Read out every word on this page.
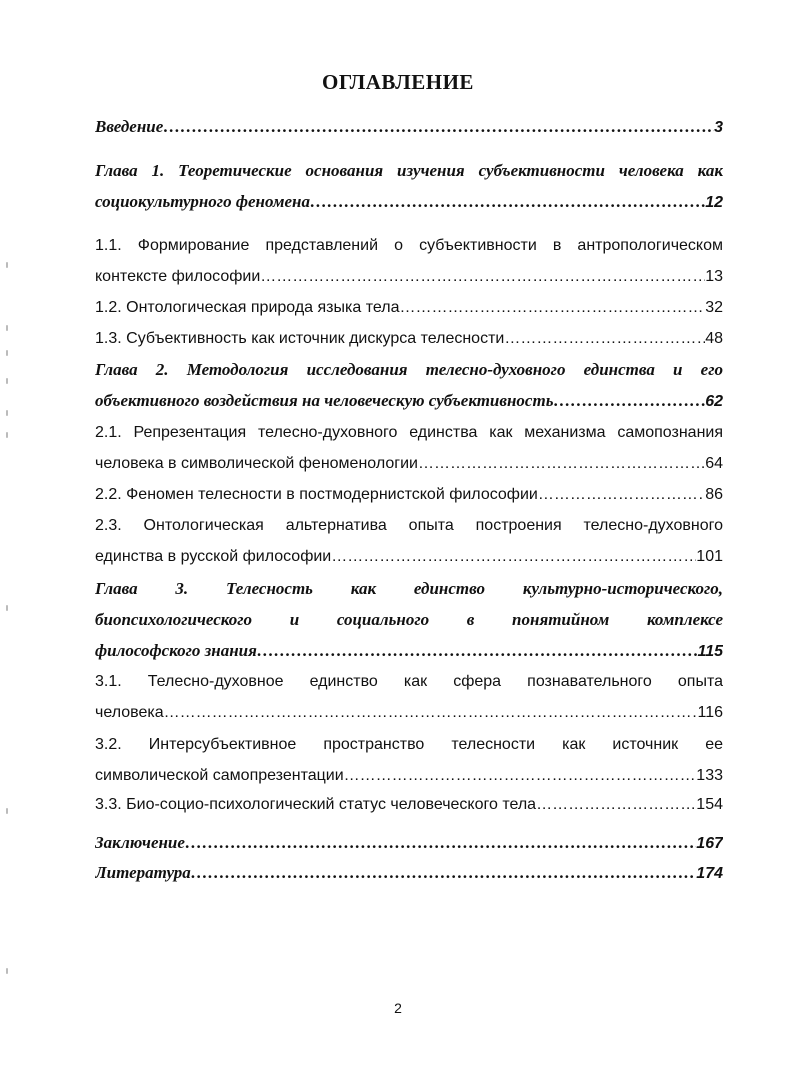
ОГЛАВЛЕНИЕ
Введение …………………………………………………………………………………………………………………………………………………………………………………	3
Глава 1. Теоретические основания изучения субъективности человека как
социокультурного феномена …………………………………………………………………………………………………………………………………………………………………………………	12
1.1. Формирование представлений о субъективности в антропологическом
контексте философии …………………………………………………………………………………………………………………………………………………………………………………	13
1.2. Онтологическая природа языка тела …………………………………………………………………………………………………………………………………………………………………………………	32
1.3. Субъективность как источник дискурса телесности …………………………………………………………………………………………………………………………………………………………………………………	48
Глава 2. Методология исследования телесно-духовного единства и его
объективного воздействия на человеческую субъективность …………………………………………………………………………………………………………………………………………………………………………………	62
2.1. Репрезентация телесно-духовного единства как механизма самопознания
человека в символической феноменологии …………………………………………………………………………………………………………………………………………………………………………………	64
2.2. Феномен телесности в постмодернистской философии …………………………………………………………………………………………………………………………………………………………………………………	86
2.3. Онтологическая альтернатива опыта построения телесно-духовного
единства в русской философии …………………………………………………………………………………………………………………………………………………………………………………	101
Глава 3. Телесность как единство культурно-исторического,
биопсихологического и социального в понятийном комплексе
философского знания …………………………………………………………………………………………………………………………………………………………………………………	115
3.1. Телесно-духовное единство как сфера познавательного опыта
человека …………………………………………………………………………………………………………………………………………………………………………………	116
3.2. Интерсубъективное пространство телесности как источник ее
символической самопрезентации …………………………………………………………………………………………………………………………………………………………………………………	133
3.3. Био-социо-психологический статус человеческого тела …………………………………………………………………………………………………………………………………………………………………………………	154
Заключение …………………………………………………………………………………………………………………………………………………………………………………	167
Литература …………………………………………………………………………………………………………………………………………………………………………………	174
2
